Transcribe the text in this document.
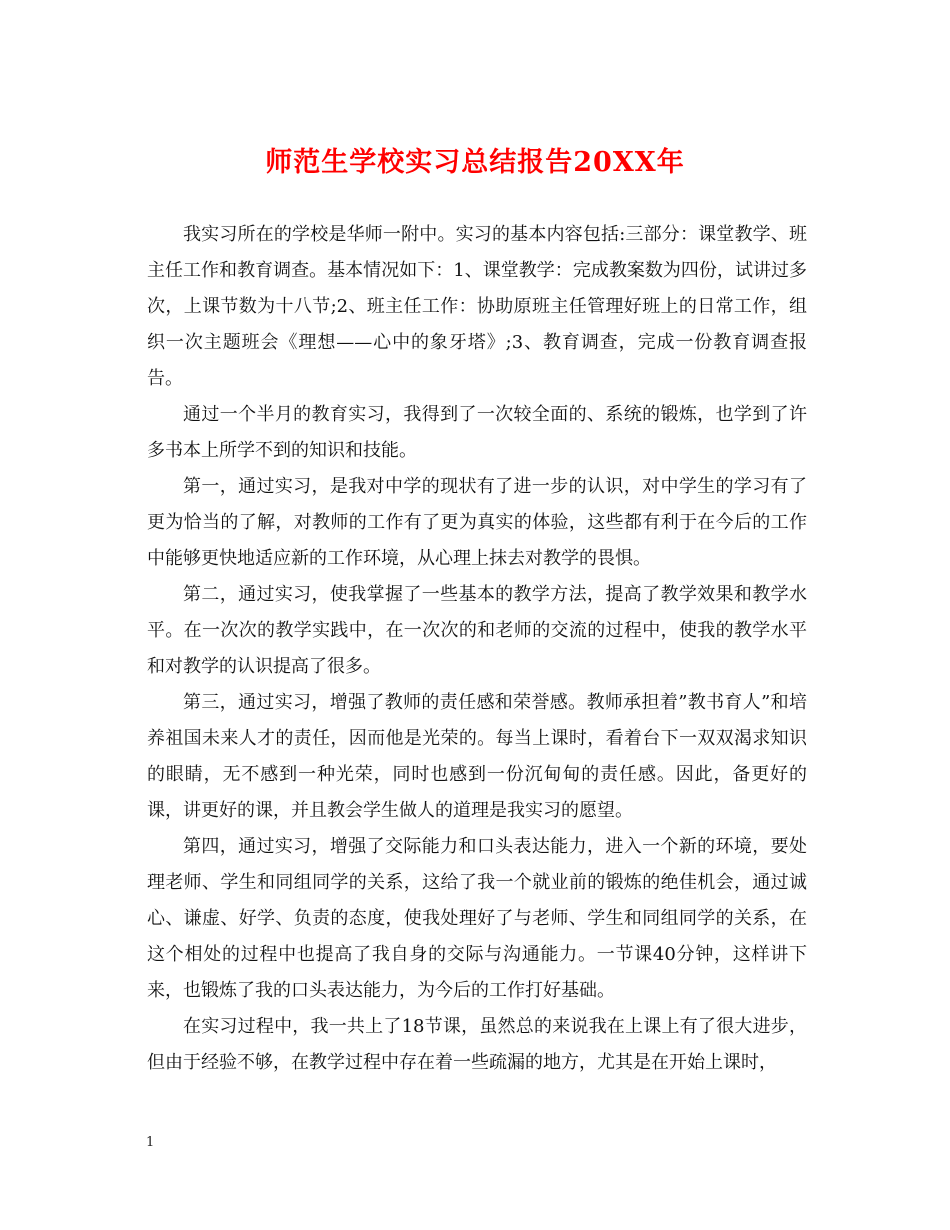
师范生学校实习总结报告20XX年

我实习所在的学校是华师一附中。实习的基本内容包括:三部分：课堂教学、班主任工作和教育调查。基本情况如下：1、课堂教学：完成教案数为四份，试讲过多次，上课节数为十八节;2、班主任工作：协助原班主任管理好班上的日常工作，组织一次主题班会《理想——心中的象牙塔》;3、教育调查，完成一份教育调查报告。

通过一个半月的教育实习，我得到了一次较全面的、系统的锻炼，也学到了许多书本上所学不到的知识和技能。

第一，通过实习，是我对中学的现状有了进一步的认识，对中学生的学习有了更为恰当的了解，对教师的工作有了更为真实的体验，这些都有利于在今后的工作中能够更快地适应新的工作环境，从心理上抹去对教学的畏惧。

第二，通过实习，使我掌握了一些基本的教学方法，提高了教学效果和教学水平。在一次次的教学实践中，在一次次的和老师的交流的过程中，使我的教学水平和对教学的认识提高了很多。

第三，通过实习，增强了教师的责任感和荣誉感。教师承担着”教书育人”和培养祖国未来人才的责任，因而他是光荣的。每当上课时，看着台下一双双渴求知识的眼睛，无不感到一种光荣，同时也感到一份沉甸甸的责任感。因此，备更好的课，讲更好的课，并且教会学生做人的道理是我实习的愿望。

第四，通过实习，增强了交际能力和口头表达能力，进入一个新的环境，要处理老师、学生和同组同学的关系，这给了我一个就业前的锻炼的绝佳机会，通过诚心、谦虚、好学、负责的态度，使我处理好了与老师、学生和同组同学的关系，在这个相处的过程中也提高了我自身的交际与沟通能力。一节课40分钟，这样讲下来，也锻炼了我的口头表达能力，为今后的工作打好基础。

在实习过程中，我一共上了18节课，虽然总的来说我在上课上有了很大进步，但由于经验不够，在教学过程中存在着一些疏漏的地方，尤其是在开始上课时，

1
